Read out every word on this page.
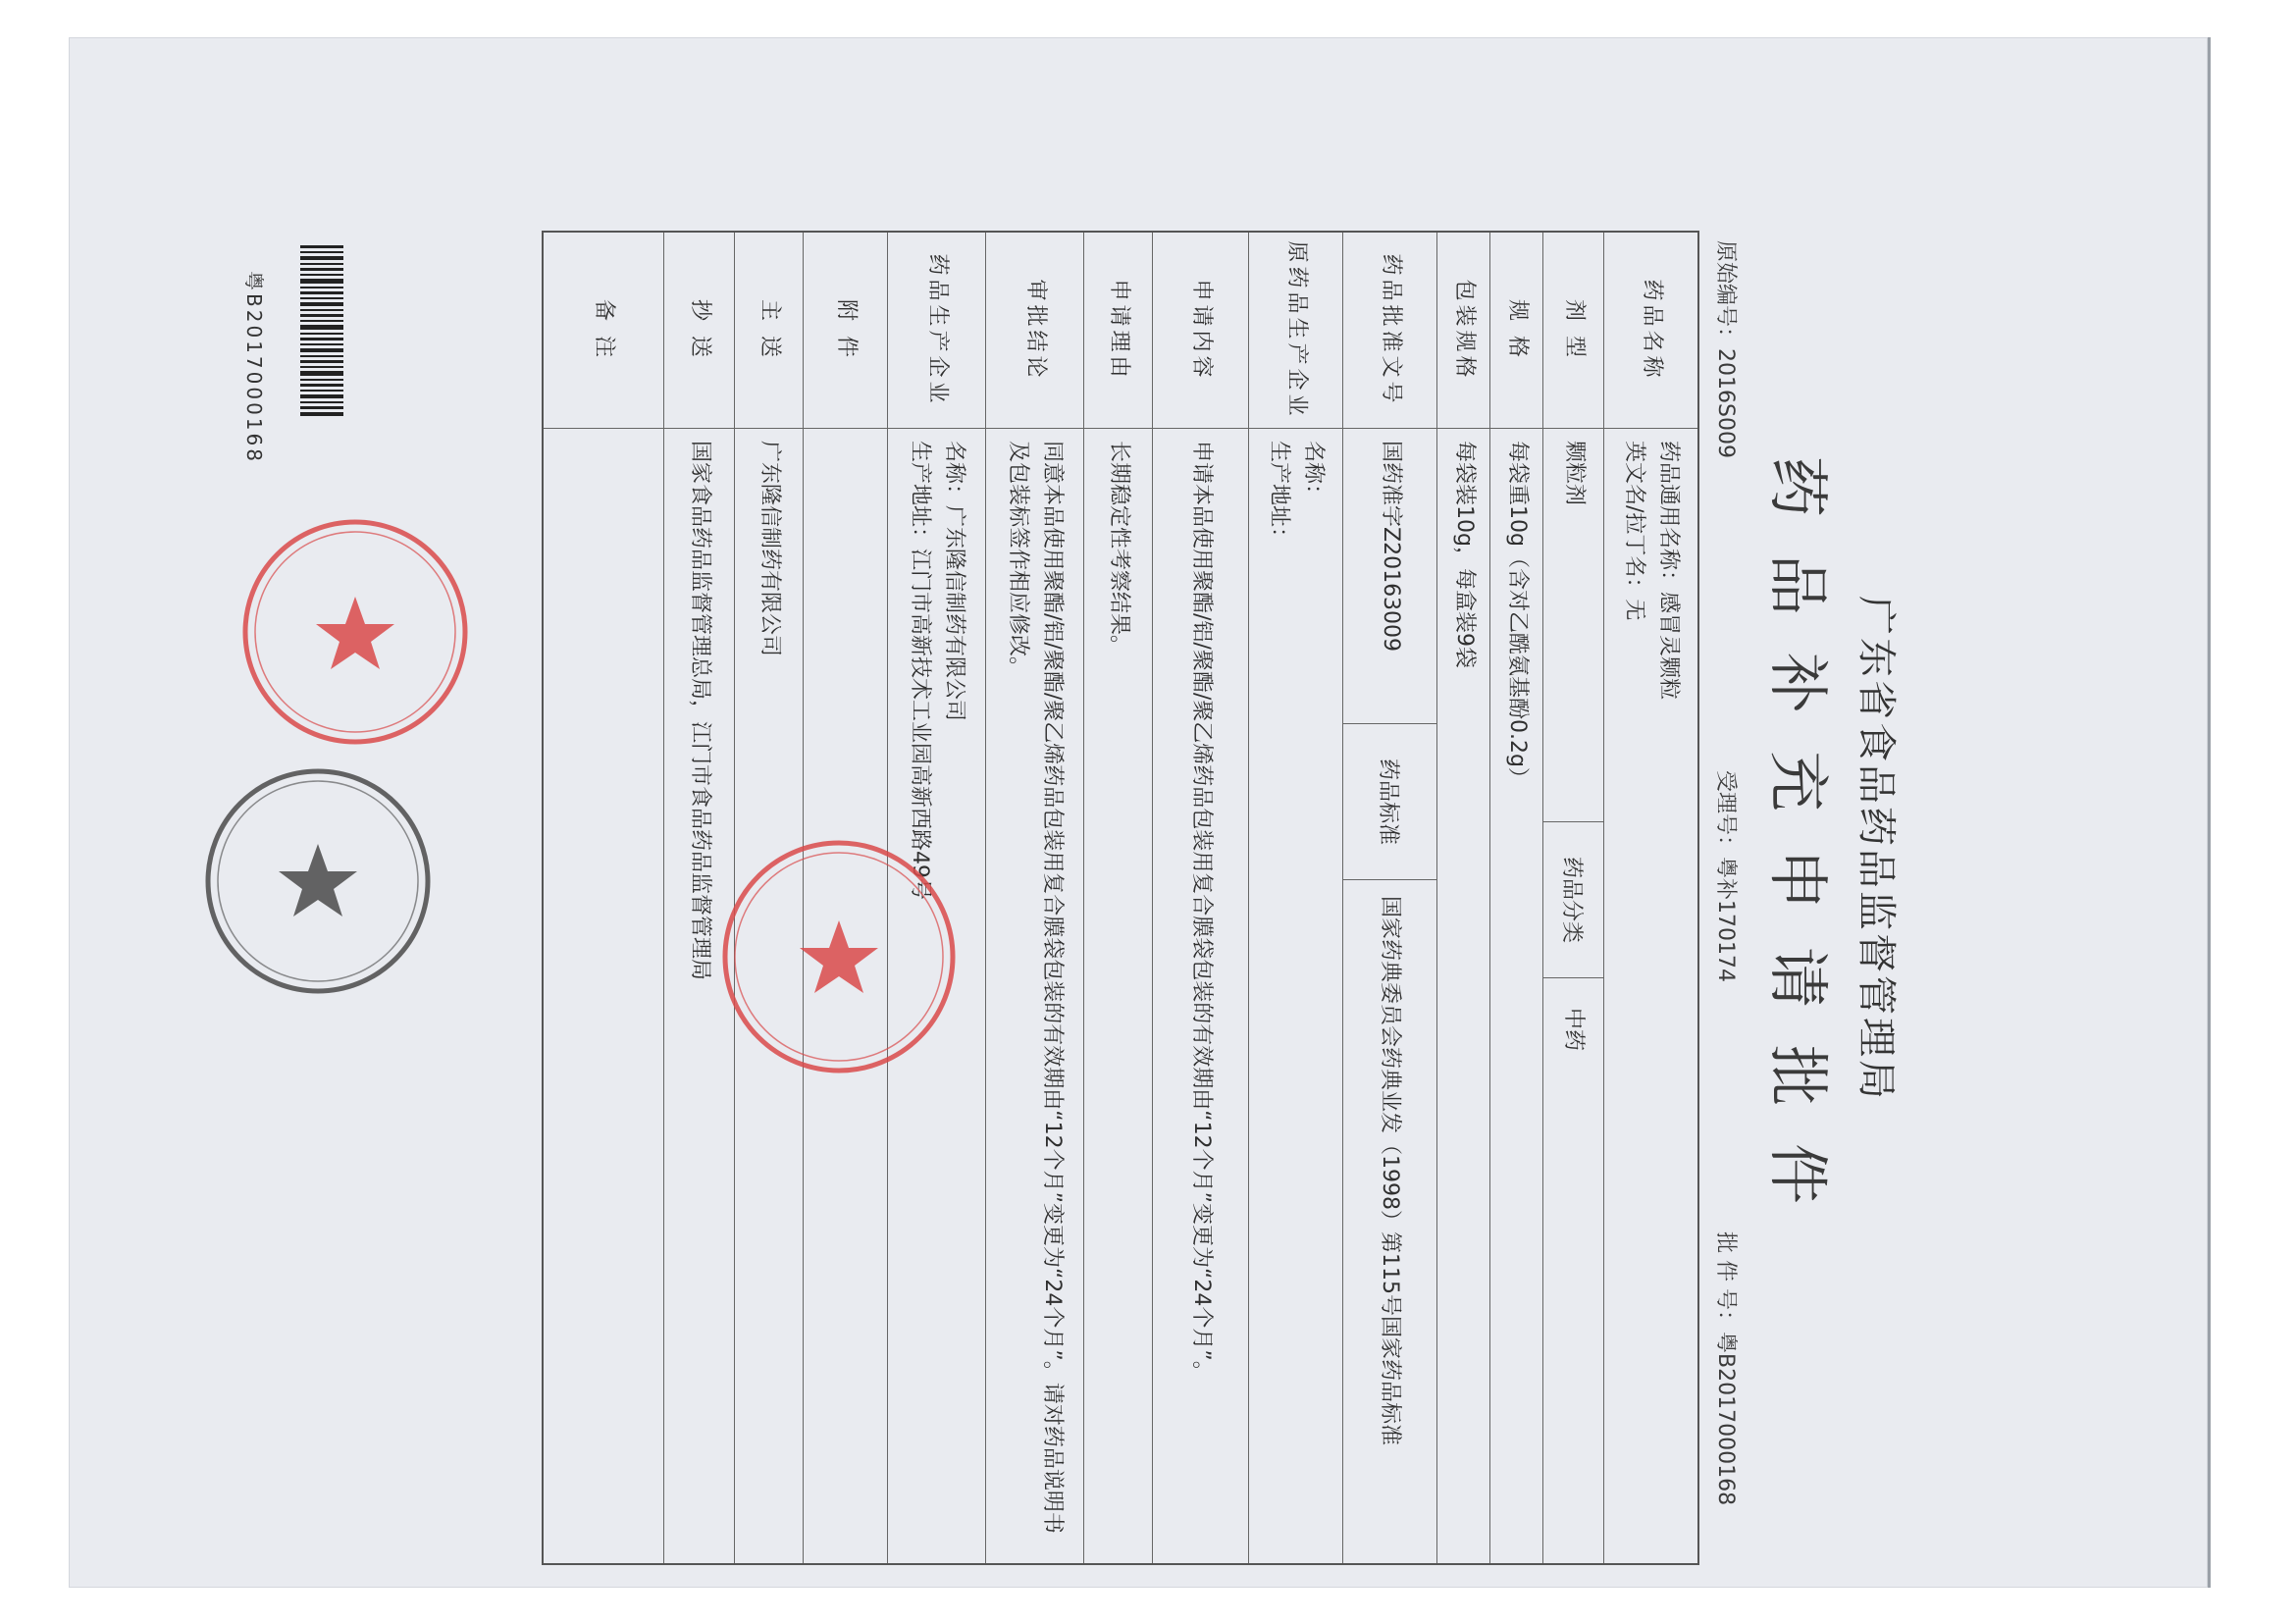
广东省食品药品监督管理局
药品补充申请批件
原始编号：2016S009
受理号：粤补170174
批 件 号：粤B2017000168
药品名称
药品通用名称：感冒灵颗粒
英文名/拉丁名：无
剂 型
颗粒剂
药品分类
中药
规 格
每袋重10g（含对乙酰氨基酚0.2g）
包装规格
每袋装10g，每盒装9袋
药品批准文号
国药准字Z20163009
药品标准
国家药典委员会药典业发（1998）第115号国家药品标准
原药品生产企业
名称：
生产地址：
申请内容
申请本品使用聚酯/铝/聚酯/聚乙烯药品包装用复合膜袋包装的有效期由“12个月”变更为“24个月”。
申请理由
长期稳定性考察结果。
审批结论
同意本品使用聚酯/铝/聚酯/聚乙烯药品包装用复合膜袋包装的有效期由“12个月”变更为“24个月”。请对药品说明书及包装标签作相应修改。
药品生产企业
名称：广东隆信制药有限公司
生产地址：江门市高新技术工业园高新西路49号
附 件
主 送
广东隆信制药有限公司
抄 送
国家食品药品监督管理总局，江门市食品药品监督管理局
备 注
粤B2017000168
